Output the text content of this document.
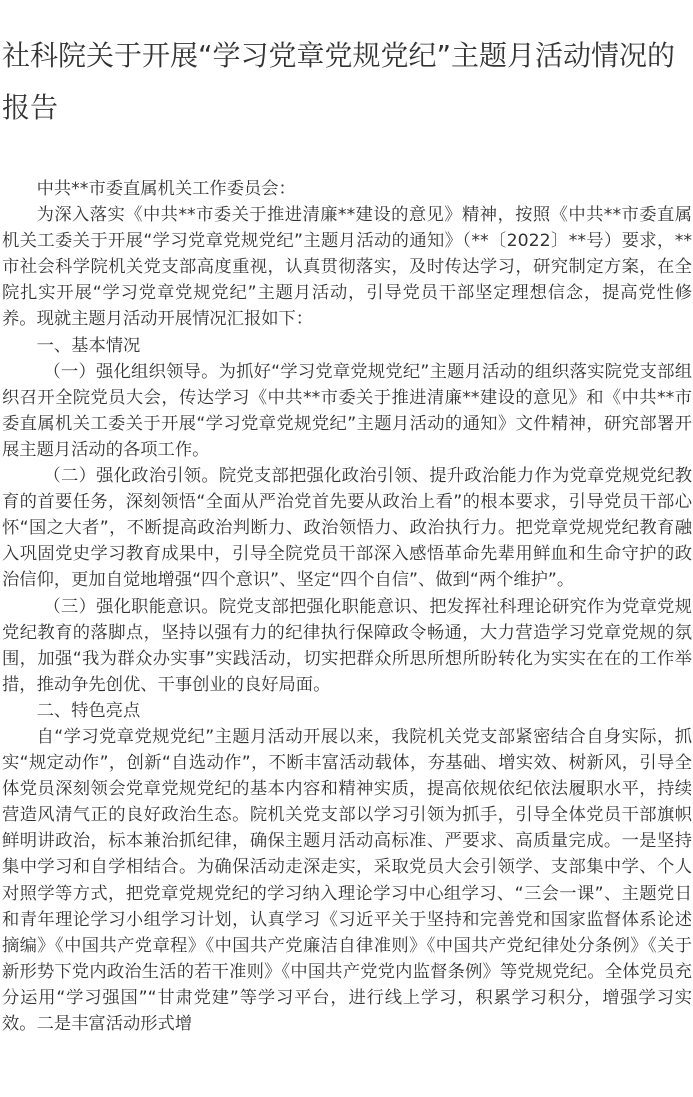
社科院关于开展“学习党章党规党纪”主题月活动情况的报告

中共**市委直属机关工作委员会：

为深入落实《中共**市委关于推进清廉**建设的意见》精神，按照《中共**市委直属机关工委关于开展“学习党章党规党纪”主题月活动的通知》（**〔2022〕**号）要求，**市社会科学院机关党支部高度重视，认真贯彻落实，及时传达学习，研究制定方案，在全院扎实开展“学习党章党规党纪”主题月活动，引导党员干部坚定理想信念，提高党性修养。现就主题月活动开展情况汇报如下：

一、基本情况

（一）强化组织领导。为抓好“学习党章党规党纪”主题月活动的组织落实院党支部组织召开全院党员大会，传达学习《中共**市委关于推进清廉**建设的意见》和《中共**市委直属机关工委关于开展“学习党章党规党纪”主题月活动的通知》文件精神，研究部署开展主题月活动的各项工作。

（二）强化政治引领。院党支部把强化政治引领、提升政治能力作为党章党规党纪教育的首要任务，深刻领悟“全面从严治党首先要从政治上看”的根本要求，引导党员干部心怀“国之大者”，不断提高政治判断力、政治领悟力、政治执行力。把党章党规党纪教育融入巩固党史学习教育成果中，引导全院党员干部深入感悟革命先辈用鲜血和生命守护的政治信仰，更加自觉地增强“四个意识”、坚定“四个自信”、做到“两个维护”。

（三）强化职能意识。院党支部把强化职能意识、把发挥社科理论研究作为党章党规党纪教育的落脚点，坚持以强有力的纪律执行保障政令畅通，大力营造学习党章党规的氛围，加强“我为群众办实事”实践活动，切实把群众所思所想所盼转化为实实在在的工作举措，推动争先创优、干事创业的良好局面。

二、特色亮点

自“学习党章党规党纪”主题月活动开展以来，我院机关党支部紧密结合自身实际，抓实“规定动作”，创新“自选动作”，不断丰富活动载体，夯基础、增实效、树新风，引导全体党员深刻领会党章党规党纪的基本内容和精神实质，提高依规依纪依法履职水平，持续营造风清气正的良好政治生态。院机关党支部以学习引领为抓手，引导全体党员干部旗帜鲜明讲政治，标本兼治抓纪律，确保主题月活动高标准、严要求、高质量完成。一是坚持集中学习和自学相结合。为确保活动走深走实，采取党员大会引领学、支部集中学、个人对照学等方式，把党章党规党纪的学习纳入理论学习中心组学习、“三会一课”、主题党日和青年理论学习小组学习计划，认真学习《习近平关于坚持和完善党和国家监督体系论述摘编》《中国共产党章程》《中国共产党廉洁自律准则》《中国共产党纪律处分条例》《关于新形势下党内政治生活的若干准则》《中国共产党党内监督条例》等党规党纪。全体党员充分运用“学习强国”“甘肃党建”等学习平台，进行线上学习，积累学习积分，增强学习实效。二是丰富活动形式增
